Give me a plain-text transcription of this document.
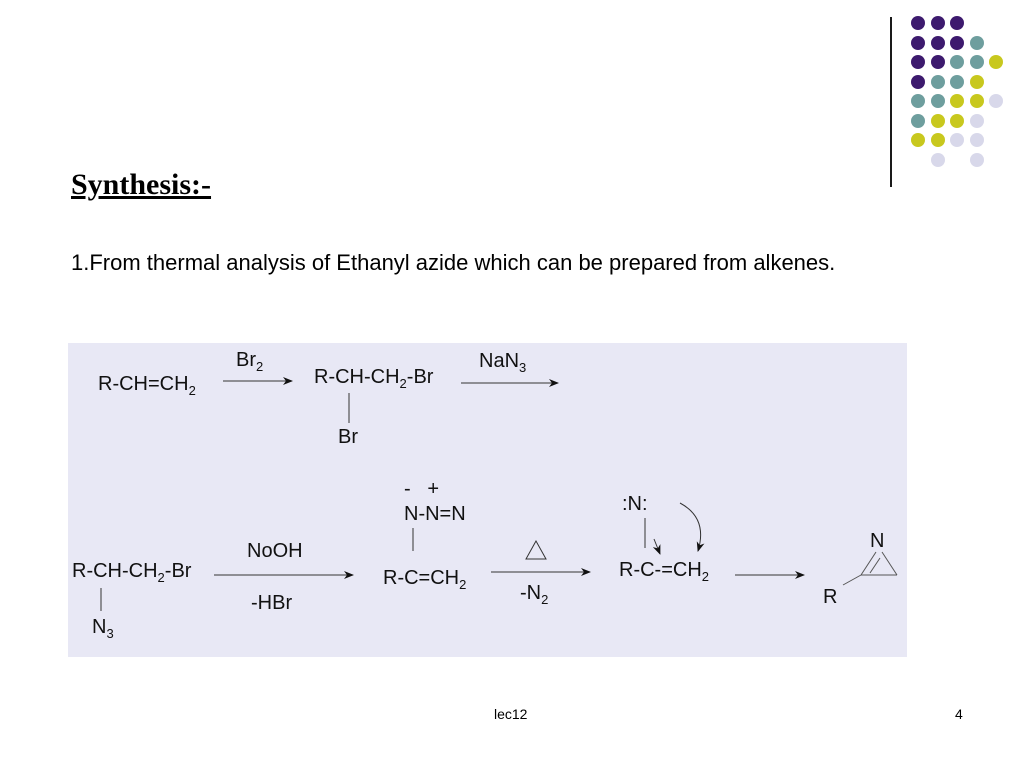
Synthesis:-
1.From thermal analysis of Ethanyl azide which can be prepared from alkenes.
$R-CH=CH_2$
$Br_2$	$R-CH-CH_2-Br$
Br
NaN$_3$
$R-CH-CH_2-Br$
$N_3$
NoOH
-HBr
-   +
N-N=N
$R-C=CH_2$	$-N_2$
:N:
$R-C-=CH_2$
N
R
lec12	4
